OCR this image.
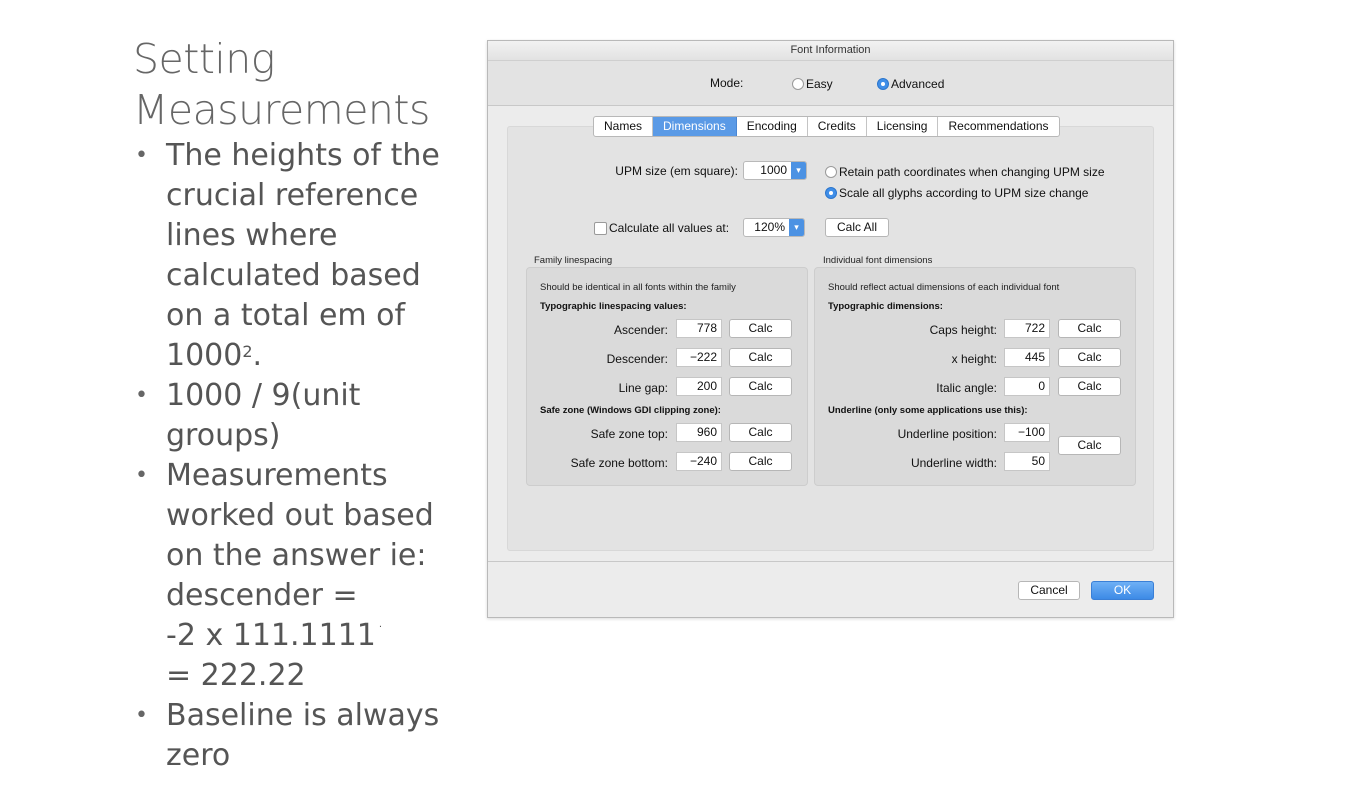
Setting
Measurements
• The heights of the
crucial reference
lines where
calculated based
on a total em of
1000$^2$.
• 1000 / 9(unit
groups)
• Measurements
worked out based
on the answer ie:
descender =
-2 x 111.1111 ·
= 222.22
• Baseline is always
zero
Font Information
Mode:	Easy	Advanced
Names	Dimensions	Encoding	Credits	Licensing	Recommendations
UPM size (em square): 1000	▾	Retain path coordinates when changing UPM size
Scale all glyphs according to UPM size change
Calculate all values at: 120%	▾	Calc All
Family linespacing
Should be identical in all fonts within the family
Typographic linespacing values:
Ascender:	778	Calc
Descender:	−222	Calc
Line gap:	200	Calc
Safe zone (Windows GDI clipping zone):
Safe zone top:	960	Calc
Safe zone bottom:	−240	Calc
Individual font dimensions
Should reflect actual dimensions of each individual font
Typographic dimensions:
Caps height:	722	Calc
x height:	445	Calc
Italic angle:	0	Calc
Underline (only some applications use this):
Underline position:	−100
Underline width:	50
Calc
Cancel	OK
